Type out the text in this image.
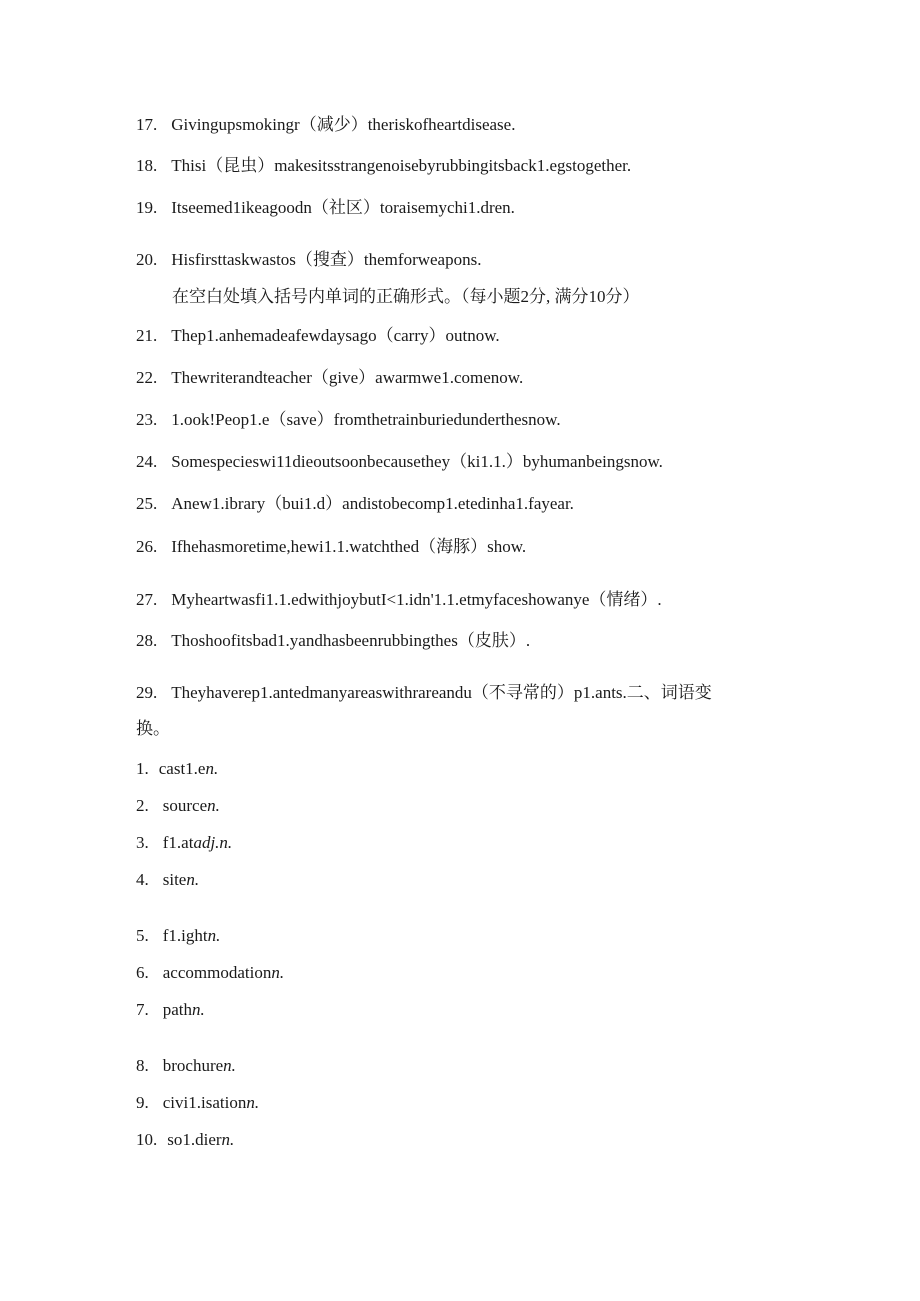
17. Givingupsmokingr（减少）theriskofheartdisease.
18. Thisi（昆虫）makesitsstrangenoisebyrubbingitsback1.egstogether.
19. Itseemed1ikeagoodn（社区）toraisemychi1.dren.
20. Hisfirsttaskwastos（搜查）themforweapons.
在空白处填入括号内单词的正确形式。（每小题2分, 满分10分）
21. Thep1.anhemadeafewdaysago（carry）outnow.
22. Thewriterandteacher（give）awarmwe1.comenow.
23. 1.ook!Peop1.e（save）fromthetrainburiedunderthesnow.
24. Somespecieswi11dieoutsoonbecausethey（ki1.1.）byhumanbeingsnow.
25. Anew1.ibrary（bui1.d）andistobecomp1.etedinha1.fayear.
26. Ifhehasmoretime,hewi1.1.watchthed（海豚）show.
27. Myheartwasfi1.1.edwithjoybutI<1.idn'1.1.etmyfaceshowanye（情绪）.
28. Thoshoofitsbad1.yandhasbeenrubbingthes（皮肤）.
29. Theyhaverep1.antedmanyareaswithrareandu（不寻常的）p1.ants.二、词语变
换。
1. cast1.en.
2. sourcen.
3. f1.atadj.n.
4. siten.
5. f1.ightn.
6. accommodationn.
7. pathn.
8. brochuren.
9. civi1.isationn.
10. so1.diern.
